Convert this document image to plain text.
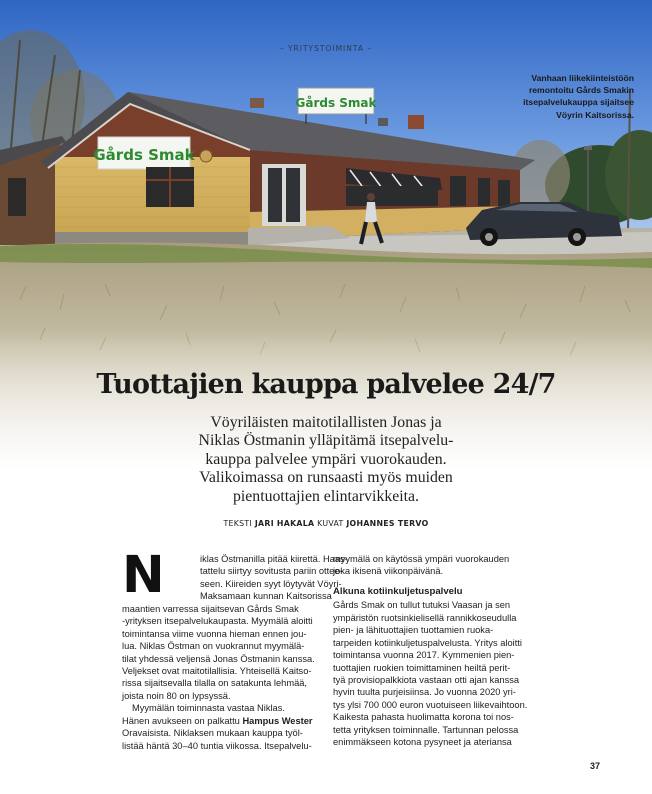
Gårds Smak
Gårds Smak
– YRITYSTOIMINTA –
Vanhaan liikekiinteistöön
remontoitu Gårds Smakin
itsepalvelukauppa sijaitsee
Vöyrin Kaitsorissa.
Tuottajien kauppa palvelee 24/7
Vöyriläisten maitotilallisten Jonas ja
Niklas Östmanin ylläpitämä itsepalvelu-
kauppa palvelee ympäri vuorokauden.
Valikoimassa on runsaasti myös muiden
pientuottajien elintarvikkeita.
TEKSTI JARI HAKALA KUVAT JOHANNES TERVO
N	iklas Östmanilla pitää kiirettä. Haas-
tattelu siirtyy sovitusta pariin ottee-
seen. Kiireiden syyt löytyvät Vöyri-
Maksamaan kunnan Kaitsorissa
maantien varressa sijaitsevan Gårds Smak
-yrityksen itsepalvelukaupasta. Myymälä aloitti
toimintansa viime vuonna hieman ennen jou-
lua. Niklas Östman on vuokrannut myymälä-
tilat yhdessä veljensä Jonas Östmanin kanssa.
Veljekset ovat maitotilallisia. Yhteisellä Kaitso-
rissa sijaitsevalla tilalla on satakunta lehmää,
joista noin 80 on lypsyssä.
Myymälän toiminnasta vastaa Niklas.
Hänen avukseen on palkattu Hampus Wester
Oravaisista. Niklaksen mukaan kauppa työl-
listää häntä 30–40 tuntia viikossa. Itsepalvelu-
myymälä on käytössä ympäri vuorokauden
joka ikisenä viikonpäivänä.
Alkuna kotiinkuljetuspalvelu
Gårds Smak on tullut tutuksi Vaasan ja sen
ympäristön ruotsinkielisellä rannikkoseudulla
pien- ja lähituottajien tuottamien ruoka-
tarpeiden kotiinkuljetuspalvelusta. Yritys aloitti
toimintansa vuonna 2017. Kymmenien pien-
tuottajien ruokien toimittaminen heiltä perit-
tyä provisiopalkkiota vastaan otti ajan kanssa
hyvin tuulta purjeisiinsa. Jo vuonna 2020 yri-
tys ylsi 700 000 euron vuotuiseen liikevaihtoon.
Kaikesta pahasta huolimatta korona toi nos-
tetta yrityksen toiminnalle. Tartunnan pelossa
enimmäkseen kotona pysyneet ja ateriansa
37
